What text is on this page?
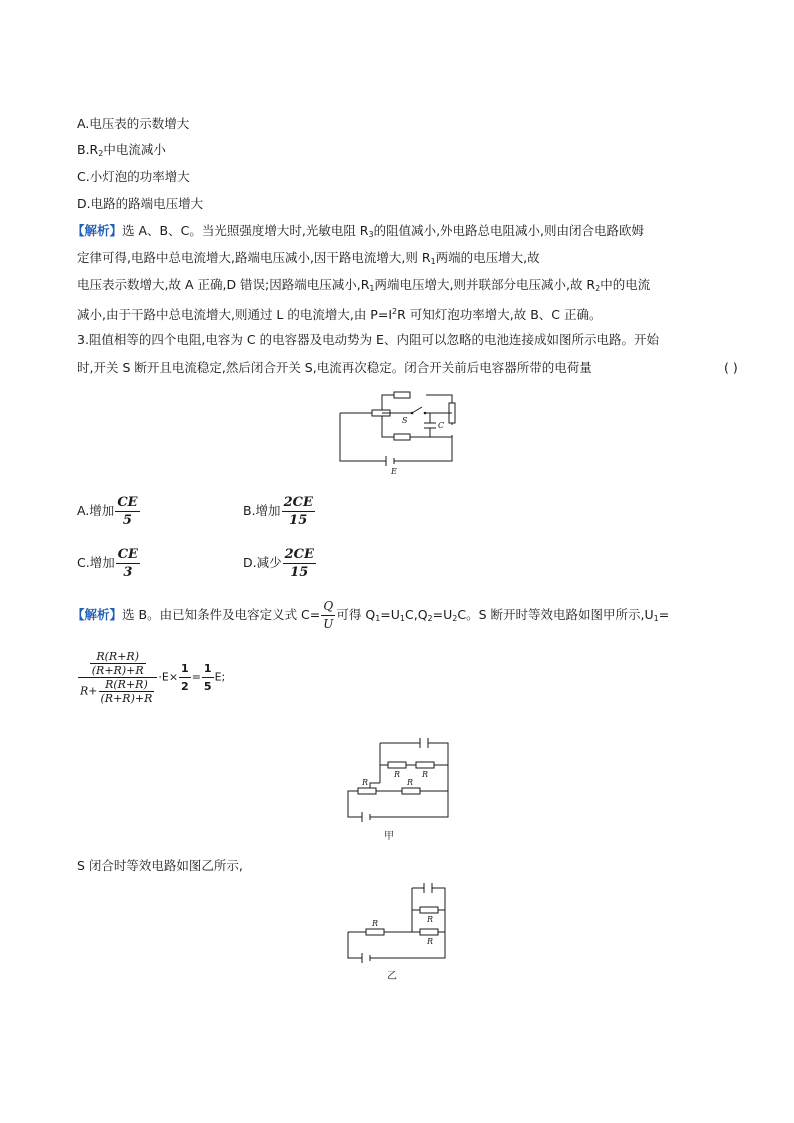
A.电压表的示数增大
$B.R_2$中电流减小
C.小灯泡的功率增大
D.电路的路端电压增大
【解析】选 A、B、C。当光照强度增大时,光敏电阻 $R_3$的阻值减小,外电路总电阻减小,则由闭合电路欧姆
定律可得,电路中总电流增大,路端电压减小,因干路电流增大,则 $R_1$两端的电压增大,故
电压表示数增大,故 A 正确,D 错误;因路端电压减小$,R_1$两端电压增大,则并联部分电压减小,故 $R_2$中的电流
减小,由于干路中总电流增大,则通过 L 的电流增大,由 $P=I^2R$ 可知灯泡功率增大,故 B、C 正确。
3.阻值相等的四个电阻,电容为 C 的电容器及电动势为 E、内阻可以忽略的电池连接成如图所示电路。开始
时,开关 S 断开且电流稳定,然后闭合开关 S,电流再次稳定。闭合开关前后电容器所带的电荷量	( )
S
C
E
A.增加 $\frac{CE}{5}$	B.增加 $\frac{2CE}{15}$
C.增加 $\frac{CE}{3}$	D.减少 $\frac{2CE}{15}$
【解析】选 B。由已知条件及电容定义式 $C= \frac{Q}{U}$ 可得 $Q_1=U_1C,Q_2=U_2C$。S 断开时等效电路如图甲所示$,U_1=$
$\frac{\frac{R(R+R)}{(R+R)+R}}{R+ \frac{R(R+R)}{(R+R)+R}} \cdot E\times \frac{1}{2} = \frac{1}{5} E$;
R	R
R	R
甲
S 闭合时等效电路如图乙所示,
R
R
R
乙
